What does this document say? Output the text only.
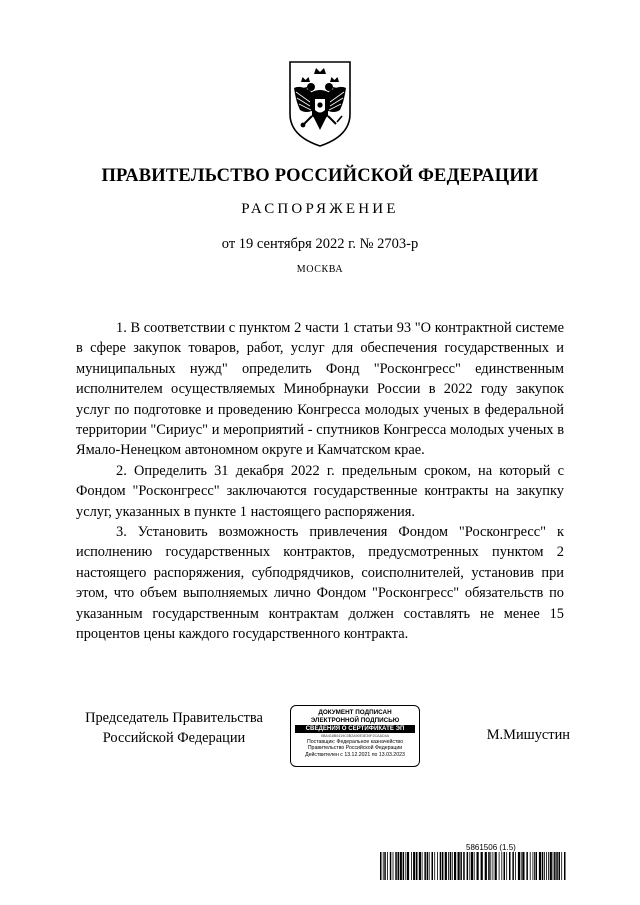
ПРАВИТЕЛЬСТВО РОССИЙСКОЙ ФЕДЕРАЦИИ
РАСПОРЯЖЕНИЕ
от 19 сентября 2022 г. № 2703-р
МОСКВА

1. В соответствии с пунктом 2 части 1 статьи 93 "О контрактной системе в сфере закупок товаров, работ, услуг для обеспечения государственных и муниципальных нужд" определить Фонд "Росконгресс" единственным исполнителем осуществляемых Минобрнауки России в 2022 году закупок услуг по подготовке и проведению Конгресса молодых ученых в федеральной территории "Сириус" и мероприятий - спутников Конгресса молодых ученых в Ямало-Ненецком автономном округе и Камчатском крае.

2. Определить 31 декабря 2022 г. предельным сроком, на который с Фондом "Росконгресс" заключаются государственные контракты на закупку услуг, указанных в пункте 1 настоящего распоряжения.

3. Установить возможность привлечения Фондом "Росконгресс" к исполнению государственных контрактов, предусмотренных пунктом 2 настоящего распоряжения, субподрядчиков, соисполнителей, установив при этом, что объем выполняемых лично Фондом "Росконгресс" обязательств по указанным государственным контрактам должен составлять не менее 15 процентов цены каждого государственного контракта.

Председатель Правительства
Российской Федерации
ДОКУМЕНТ ПОДПИСАН
ЭЛЕКТРОННОЙ ПОДПИСЬЮ
СВЕДЕНИЯ О СЕРТИФИКАТЕ ЭП
0BA418B0419C0B2A90E3E39F2CAAD4A
Поставщик: Федеральное казначейство
Правительство Российской Федерации
Действителен с 13.12.2021 по 13.03.2023
М.Мишустин
5861506 (1.5)
